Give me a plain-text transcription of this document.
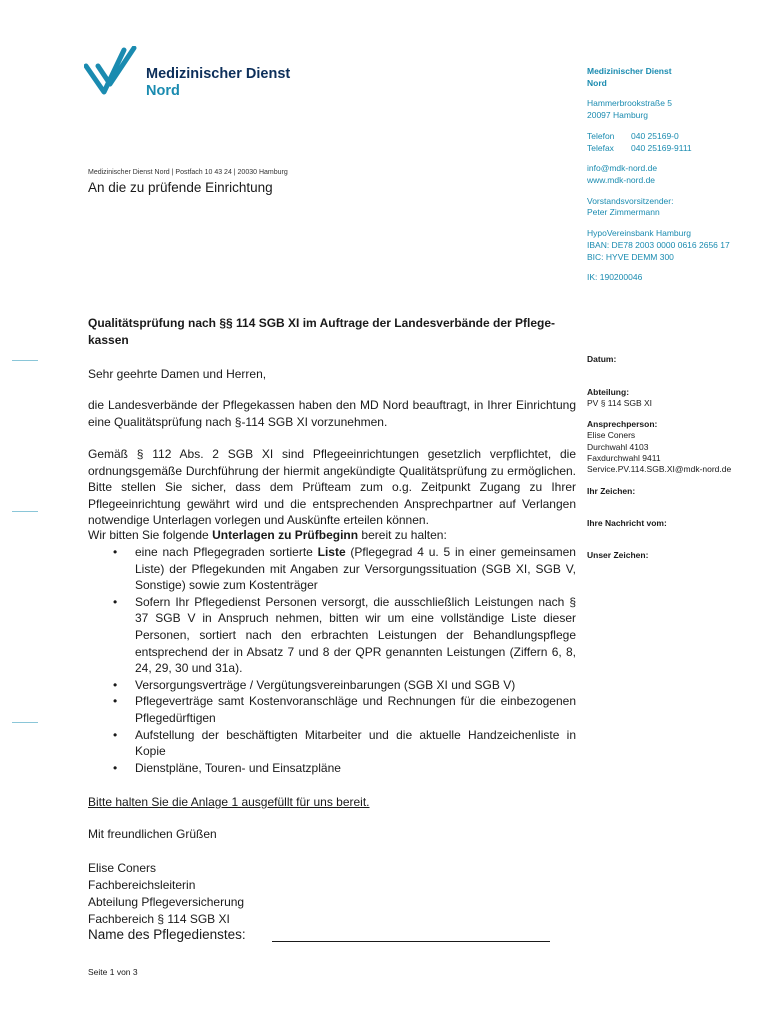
Medizinischer Dienst
Nord
Medizinischer Dienst
Nord
Hammerbrookstraße 5
20097 Hamburg
Telefon 040 25169-0
Telefax 040 25169-9111
info@mdk-nord.de
www.mdk-nord.de
Vorstandsvorsitzender:
Peter Zimmermann
HypoVereinsbank Hamburg
IBAN: DE78 2003 0000 0616 2656 17
BIC: HYVE DEMM 300
IK: 190200046
Datum:
Abteilung:
PV § 114 SGB XI
Ansprechperson:
Elise Coners
Durchwahl 4103
Faxdurchwahl 9411
Service.PV.114.SGB.XI@mdk-nord.de
Ihr Zeichen:
Ihre Nachricht vom:
Unser Zeichen:
Medizinischer Dienst Nord | Postfach 10 43 24 | 20030 Hamburg
An die zu prüfende Einrichtung
Qualitätsprüfung nach §§ 114 SGB XI im Auftrage der Landesverbände der Pflege-kassen
Sehr geehrte Damen und Herren,
die Landesverbände der Pflegekassen haben den MD Nord beauftragt, in Ihrer Einrichtung eine Qualitätsprüfung nach §-114 SGB XI vorzunehmen.
Gemäß § 112 Abs. 2 SGB XI sind Pflegeeinrichtungen gesetzlich verpflichtet, die ordnungsgemäße Durchführung der hiermit angekündigte Qualitätsprüfung zu ermöglichen. Bitte stellen Sie sicher, dass dem Prüfteam zum o.g. Zeitpunkt Zugang zu Ihrer Pflegeeinrichtung gewährt wird und die entsprechenden Ansprechpartner auf Verlangen notwendige Unterlagen vorlegen und Auskünfte erteilen können.
Wir bitten Sie folgende Unterlagen zu Prüfbeginn bereit zu halten:
• eine nach Pflegegraden sortierte Liste (Pflegegrad 4 u. 5 in einer gemeinsamen Liste) der Pflegekunden mit Angaben zur Versorgungssituation (SGB XI, SGB V, Sonstige) sowie zum Kostenträger
• Sofern Ihr Pflegedienst Personen versorgt, die ausschließlich Leistungen nach § 37 SGB V in Anspruch nehmen, bitten wir um eine vollständige Liste dieser Personen, sortiert nach den erbrachten Leistungen der Behandlungspflege entsprechend der in Absatz 7 und 8 der QPR genannten Leistungen (Ziffern 6, 8, 24, 29, 30 und 31a).
• Versorgungsverträge / Vergütungsvereinbarungen (SGB XI und SGB V)
• Pflegeverträge samt Kostenvoranschläge und Rechnungen für die einbezogenen Pflegedürftigen
• Aufstellung der beschäftigten Mitarbeiter und die aktuelle Handzeichenliste in Kopie
• Dienstpläne, Touren- und Einsatzpläne
Bitte halten Sie die Anlage 1 ausgefüllt für uns bereit.
Mit freundlichen Grüßen
Elise Coners
Fachbereichsleiterin
Abteilung Pflegeversicherung
Fachbereich § 114 SGB XI
Name des Pflegedienstes:
Seite 1 von 3
